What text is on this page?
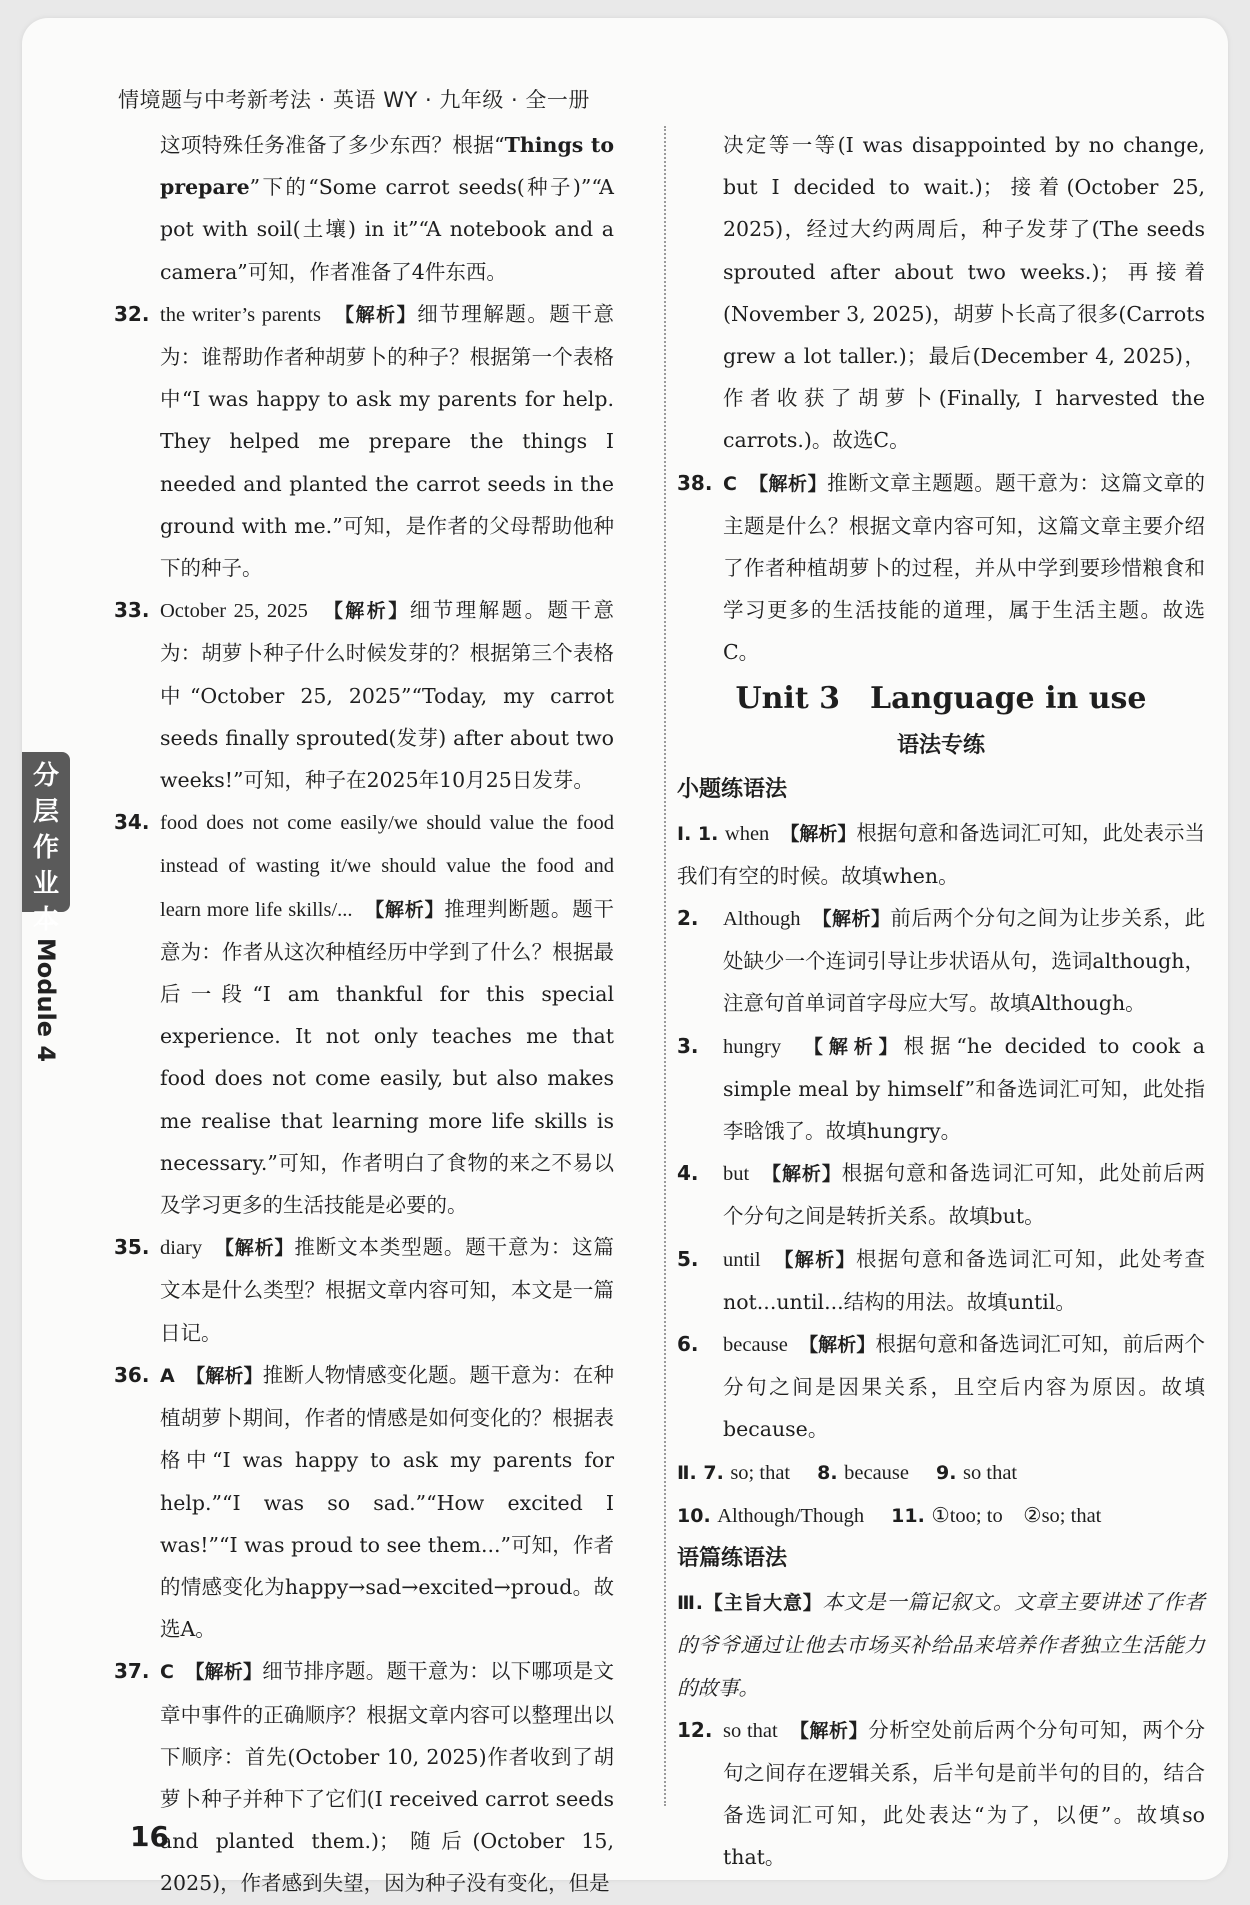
情境题与中考新考法 · 英语 WY · 九年级 · 全一册
这项特殊任务准备了多少东西？根据“Things to prepare”下的“Some carrot seeds(种子)”“A pot with soil(土壤) in it”“A notebook and a camera”可知，作者准备了4件东西。
32. the writer’s parents　 【解析】细节理解题。题干意为：谁帮助作者种胡萝卜的种子？根据第一个表格中“I was happy to ask my parents for help. They helped me prepare the things I needed and planted the carrot seeds in the ground with me.”可知，是作者的父母帮助他种下的种子。
33. October 25, 2025　 【解析】细节理解题。题干意为：胡萝卜种子什么时候发芽的？根据第三个表格中“October 25, 2025”“Today, my carrot seeds finally sprouted(发芽) after about two weeks!”可知，种子在2025年10月25日发芽。
34. food does not come easily/we should value the food instead of wasting it/we should value the food and learn more life skills/...　 【解析】推理判断题。题干意为：作者从这次种植经历中学到了什么？根据最后一段“I am thankful for this special experience. It not only teaches me that food does not come easily, but also makes me realise that learning more life skills is necessary.”可知，作者明白了食物的来之不易以及学习更多的生活技能是必要的。
35. diary　 【解析】推断文本类型题。题干意为：这篇文本是什么类型？根据文章内容可知，本文是一篇日记。
36. A　 【解析】推断人物情感变化题。题干意为：在种植胡萝卜期间，作者的情感是如何变化的？根据表格中“I was happy to ask my parents for help.”“I was so sad.”“How excited I was!”“I was proud to see them...”可知，作者的情感变化为happy→sad→excited→proud。故选A。
37. C　 【解析】细节排序题。题干意为：以下哪项是文章中事件的正确顺序？根据文章内容可以整理出以下顺序：首先(October 10, 2025)作者收到了胡萝卜种子并种下了它们(I received carrot seeds and planted them.)；随后(October 15, 2025)，作者感到失望，因为种子没有变化，但是
决定等一等(I was disappointed by no change, but I decided to wait.)；接着(October 25, 2025)，经过大约两周后，种子发芽了(The seeds sprouted after about two weeks.)；再接着(November 3, 2025)，胡萝卜长高了很多(Carrots grew a lot taller.)；最后(December 4, 2025)，作者收获了胡萝卜(Finally, I harvested the carrots.)。故选C。
38. C　 【解析】推断文章主题题。题干意为：这篇文章的主题是什么？根据文章内容可知，这篇文章主要介绍了作者种植胡萝卜的过程，并从中学到要珍惜粮食和学习更多的生活技能的道理，属于生活主题。故选C。
Unit 3　Language in use
语法专练
小题练语法
Ⅰ. 1. when　 【解析】根据句意和备选词汇可知，此处表示当我们有空的时候。故填when。
2. Although　 【解析】前后两个分句之间为让步关系，此处缺少一个连词引导让步状语从句，选词although，注意句首单词首字母应大写。故填Although。
3. hungry　 【解析】根据“he decided to cook a simple meal by himself”和备选词汇可知，此处指李晗饿了。故填hungry。
4. but　 【解析】根据句意和备选词汇可知，此处前后两个分句之间是转折关系。故填but。
5. until　 【解析】根据句意和备选词汇可知，此处考查not...until...结构的用法。故填until。
6. because　 【解析】根据句意和备选词汇可知，前后两个分句之间是因果关系，且空后内容为原因。故填because。
Ⅱ. 7. so; that　 8. because　 9. so that
10. Although/Though　 11. ①too; to　②so; that
语篇练语法
Ⅲ.【主旨大意】本文是一篇记叙文。文章主要讲述了作者的爷爷通过让他去市场买补给品来培养作者独立生活能力的故事。
12. so that　 【解析】分析空处前后两个分句可知，两个分句之间存在逻辑关系，后半句是前半句的目的，结合备选词汇可知，此处表达“为了，以便”。故填so that。
16
分
层
作
业
本
Module 4
